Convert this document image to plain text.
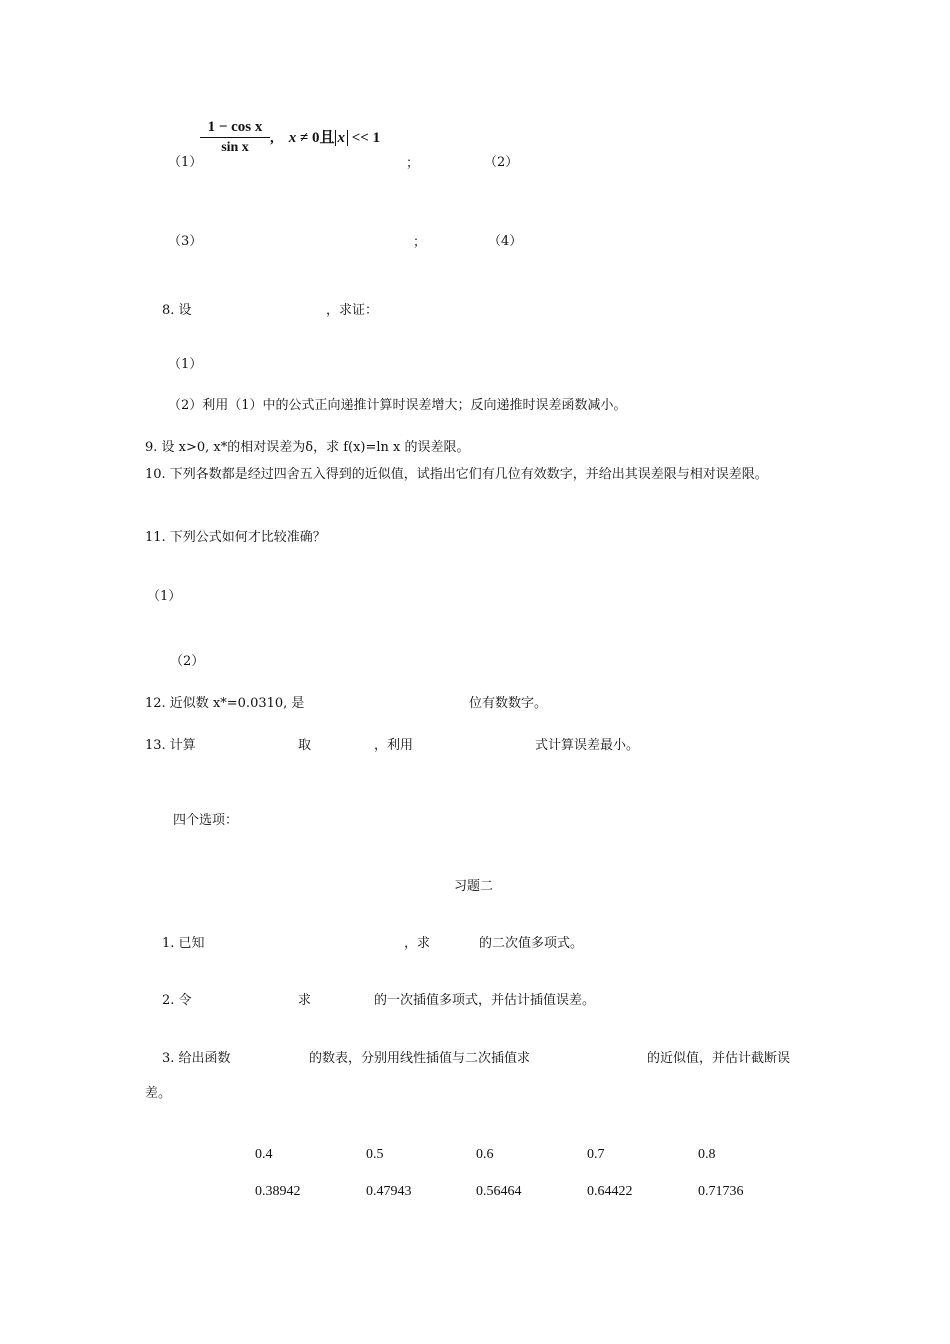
1 − cos x
sin x
, x ≠ 0且 x << 1
（1）	；	（2）
（3）	；	（4）
8. 设	，求证：
（1）
（2）利用（1）中的公式正向递推计算时误差增大；反向递推时误差函数减小。
9. 设 x>0, x*的相对误差为δ，求 f(x)=ln x 的误差限。
10. 下列各数都是经过四舍五入得到的近似值，试指出它们有几位有效数字，并给出其误差限与相对误差限。
11. 下列公式如何才比较准确？
（1）
（2）
12. 近似数 x*=0.0310, 是	位有数数字。
13. 计算	取	，利用	式计算误差最小。
四个选项：
习题二
1. 已知	，求	的二次值多项式。
2. 令	求	的一次插值多项式，并估计插值误差。
3. 给出函数	的数表，分别用线性插值与二次插值求	的近似值，并估计截断误
差。
0.4	0.5	0.6	0.7	0.8
0.38942	0.47943	0.56464	0.64422	0.71736
